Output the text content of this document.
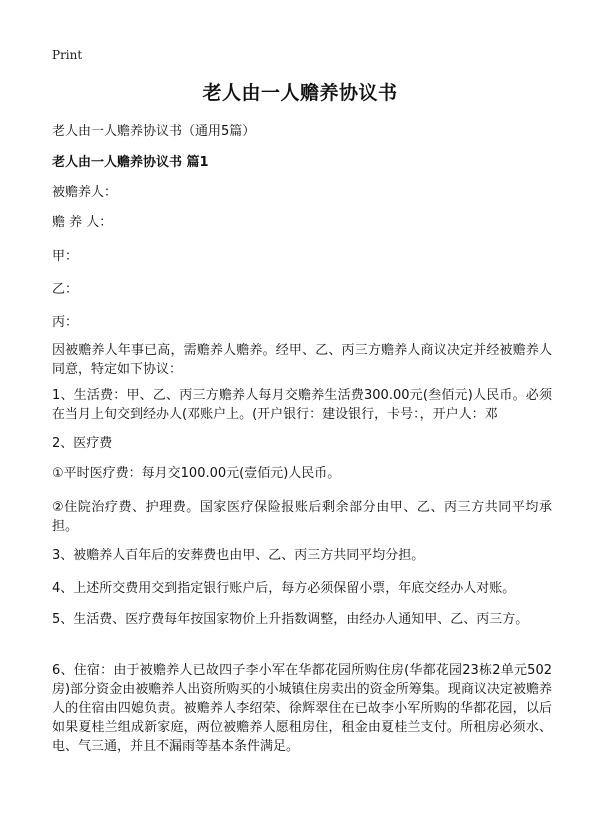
Print
老人由一人赡养协议书
老人由一人赡养协议书（通用5篇）
老人由一人赡养协议书 篇1
被赡养人：
赡 养 人：
甲：
乙：
丙：
因被赡养人年事已高，需赡养人赡养。经甲、乙、丙三方赡养人商议决定并经被赡养人同意，特定如下协议：
1、生活费：甲、乙、丙三方赡养人每月交赡养生活费300.00元(叁佰元)人民币。必须在当月上旬交到经办人(邓账户上。(开户银行：建设银行，卡号：，开户人：邓
2、医疗费
①平时医疗费：每月交100.00元(壹佰元)人民币。
②住院治疗费、护理费。国家医疗保险报账后剩余部分由甲、乙、丙三方共同平均承担。
3、被赡养人百年后的安葬费也由甲、乙、丙三方共同平均分担。
4、上述所交费用交到指定银行账户后，每方必须保留小票，年底交经办人对账。
5、生活费、医疗费每年按国家物价上升指数调整，由经办人通知甲、乙、丙三方。
6、住宿：由于被赡养人已故四子李小军在华都花园所购住房(华都花园23栋2单元502房)部分资金由被赡养人出资所购买的小城镇住房卖出的资金所筹集。现商议决定被赡养人的住宿由四媳负责。被赡养人李绍荣、徐辉翠住在已故李小军所购的华都花园，以后如果夏桂兰组成新家庭，两位被赡养人愿租房住，租金由夏桂兰支付。所租房必须水、电、气三通，并且不漏雨等基本条件满足。
